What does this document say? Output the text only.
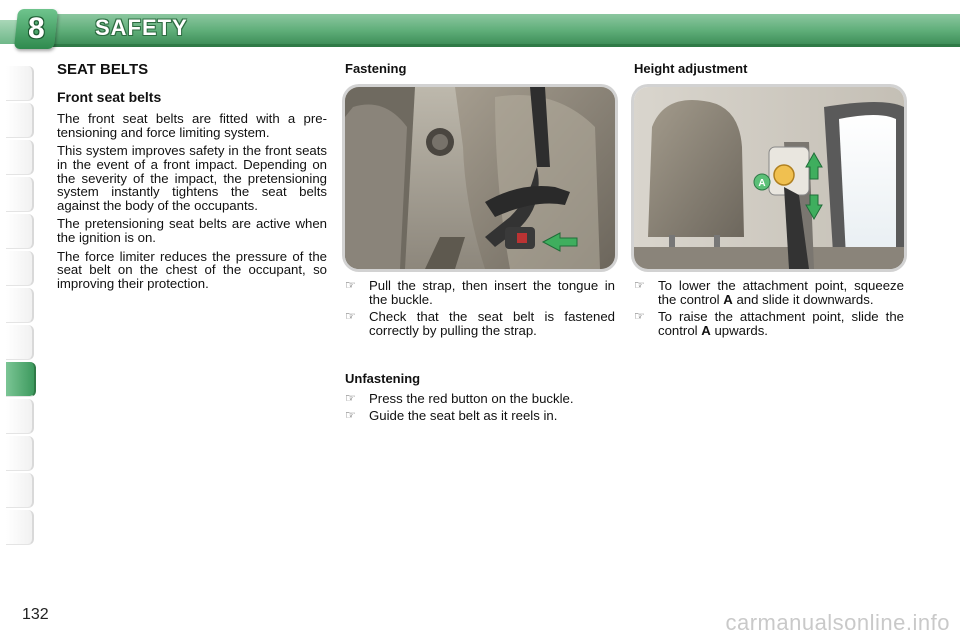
8 SAFETY
SEAT BELTS
Front seat belts

The front seat belts are fitted with a pre-tensioning and force limiting system.

This system improves safety in the front seats in the event of a front impact. Depending on the severity of the impact, the pretensioning system instantly tightens the seat belts against the body of the occupants.

The pretensioning seat belts are active when the ignition is on.

The force limiter reduces the pressure of the seat belt on the chest of the occupant, so improving their protection.

Fastening
☞ Pull the strap, then insert the tongue in the buckle.
☞ Check that the seat belt is fastened correctly by pulling the strap.
Unfastening
☞ Press the red button on the buckle.
☞ Guide the seat belt as it reels in.
Height adjustment
A
☞ To lower the attachment point, squeeze the control A and slide it downwards.
☞ To raise the attachment point, slide the control A upwards.
132	carmanualsonline.info
